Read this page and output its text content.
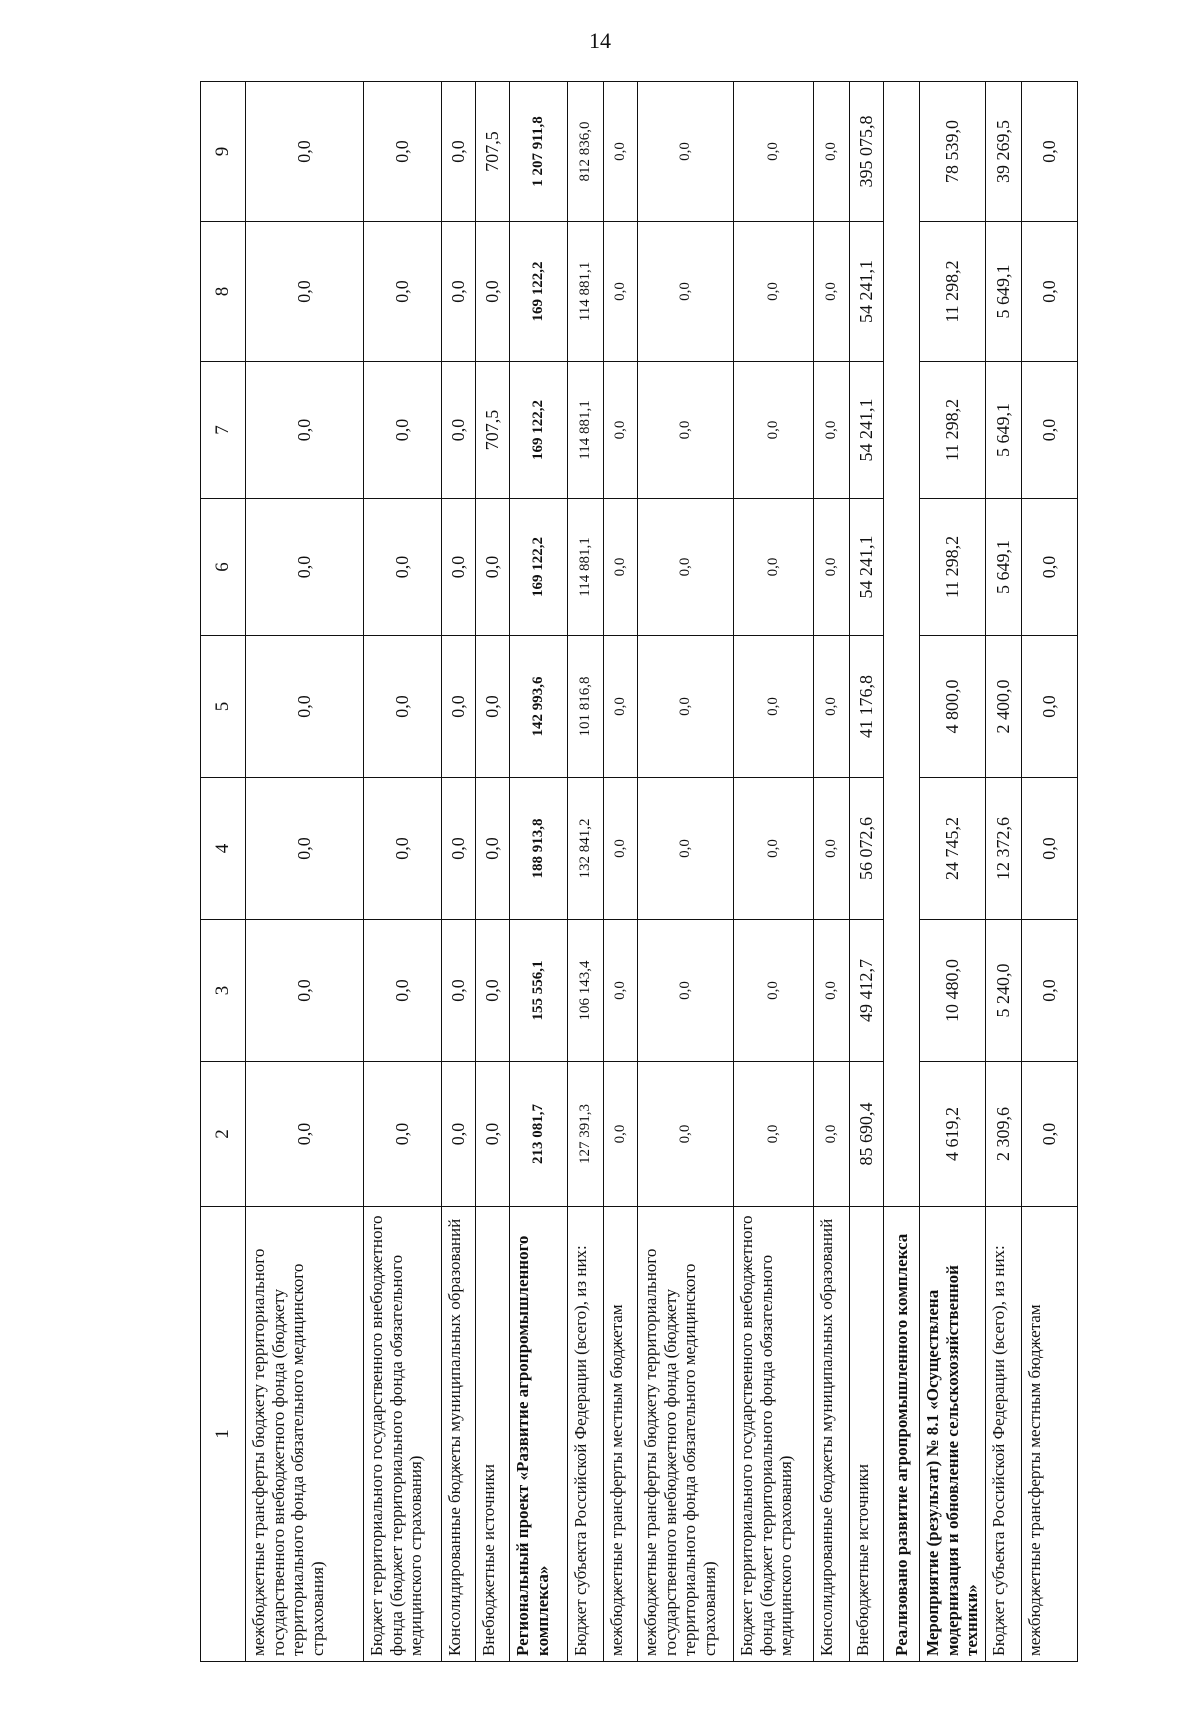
14
1	2	3	4	5	6	7	8	9
межбюджетные трансферты бюджету территориального государственного внебюджетного фонда (бюджету территориального фонда обязательного медицинского страхования)	0,0	0,0	0,0	0,0	0,0	0,0	0,0	0,0
Бюджет территориального государственного внебюджетного фонда (бюджет территориального фонда обязательного медицинского страхования)	0,0	0,0	0,0	0,0	0,0	0,0	0,0	0,0
Консолидированные бюджеты муниципальных образований	0,0	0,0	0,0	0,0	0,0	0,0	0,0	0,0
Внебюджетные источники	0,0	0,0	0,0	0,0	0,0	707,5	0,0	707,5
Региональный проект «Развитие агропромышленного комплекса»	213 081,7	155 556,1	188 913,8	142 993,6	169 122,2	169 122,2	169 122,2	1 207 911,8
Бюджет субъекта Российской Федерации (всего), из них:	127 391,3	106 143,4	132 841,2	101 816,8	114 881,1	114 881,1	114 881,1	812 836,0
межбюджетные трансферты местным бюджетам	0,0	0,0	0,0	0,0	0,0	0,0	0,0	0,0
межбюджетные трансферты бюджету территориального государственного внебюджетного фонда (бюджету территориального фонда обязательного медицинского страхования)	0,0	0,0	0,0	0,0	0,0	0,0	0,0	0,0
Бюджет территориального государственного внебюджетного фонда (бюджет территориального фонда обязательного медицинского страхования)	0,0	0,0	0,0	0,0	0,0	0,0	0,0	0,0
Консолидированные бюджеты муниципальных образований	0,0	0,0	0,0	0,0	0,0	0,0	0,0	0,0
Внебюджетные источники	85 690,4	49 412,7	56 072,6	41 176,8	54 241,1	54 241,1	54 241,1	395 075,8
Реализовано развитие агропромышленного комплекса								
Мероприятие (результат) № 8.1 «Осуществлена модернизация и обновление сельскохозяйственной техники»	4 619,2	10 480,0	24 745,2	4 800,0	11 298,2	11 298,2	11 298,2	78 539,0
Бюджет субъекта Российской Федерации (всего), из них:	2 309,6	5 240,0	12 372,6	2 400,0	5 649,1	5 649,1	5 649,1	39 269,5
межбюджетные трансферты местным бюджетам	0,0	0,0	0,0	0,0	0,0	0,0	0,0	0,0
